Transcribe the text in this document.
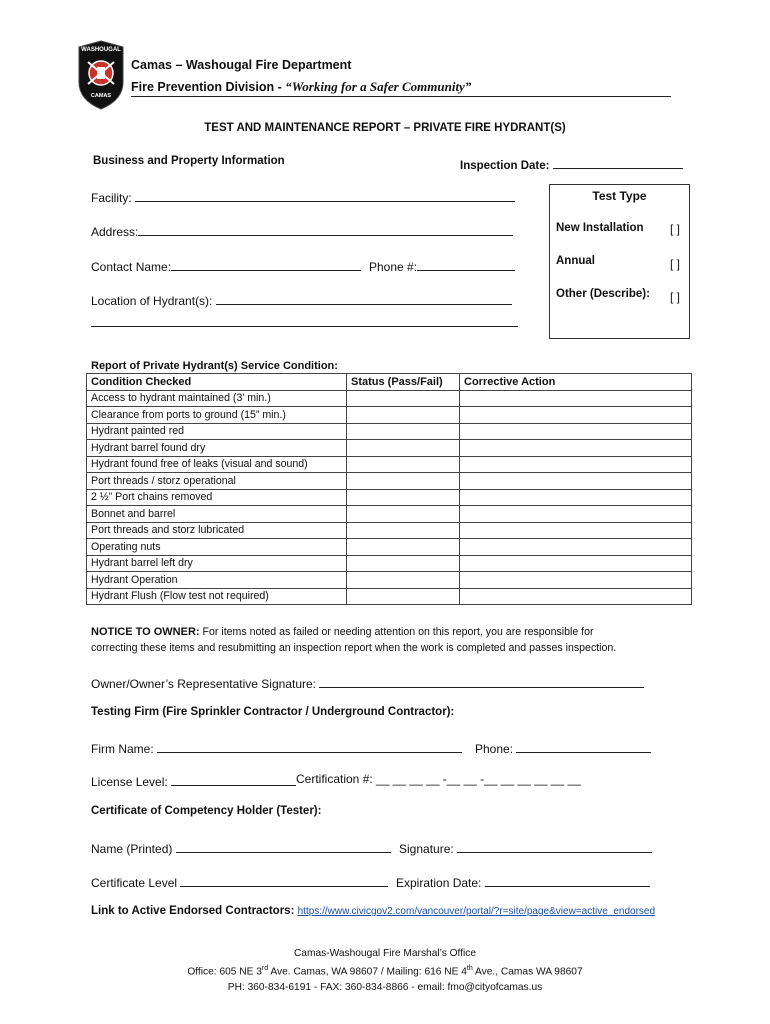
WASHOUGAL
CAMAS
Camas – Washougal Fire Department
Fire Prevention Division - “Working for a Safer Community”
TEST AND MAINTENANCE REPORT – PRIVATE FIRE HYDRANT(S)
Business and Property Information	Inspection Date:
Facility:
Address:
Contact Name:	Phone #:
Location of Hydrant(s):
Test Type
New Installation [ ]
Annual	[ ]
Other (Describe): [ ]
Report of Private Hydrant(s) Service Condition:
Condition Checked	Status (Pass/Fail)	Corrective Action
Access to hydrant maintained (3’ min.)		
Clearance from ports to ground (15” min.)		
Hydrant painted red		
Hydrant barrel found dry		
Hydrant found free of leaks (visual and sound)		
Port threads / storz operational		
2 ½” Port chains removed		
Bonnet and barrel		
Port threads and storz lubricated		
Operating nuts		
Hydrant barrel left dry		
Hydrant Operation		
Hydrant Flush (Flow test not required)		
NOTICE TO OWNER: For items noted as failed or needing attention on this report, you are responsible for
correcting these items and resubmitting an inspection report when the work is completed and passes inspection.
Owner/Owner’s Representative Signature:
Testing Firm (Fire Sprinkler Contractor / Underground Contractor):
Firm Name:	Phone:
License Level:	Certification #: __ __ __ __ -__ __ -__ __ __ __ __ __
Certificate of Competency Holder (Tester):
Name (Printed)	Signature:
Certificate Level	Expiration Date:
Link to Active Endorsed Contractors: https://www.civicgov2.com/vancouver/portal/?r=site/page&view=active_endorsed
Camas-Washougal Fire Marshal’s Office
Office: 605 NE 3rd Ave. Camas, WA 98607 / Mailing: 616 NE 4th Ave., Camas WA 98607
PH: 360-834-6191 - FAX: 360-834-8866 - email: fmo@cityofcamas.us
